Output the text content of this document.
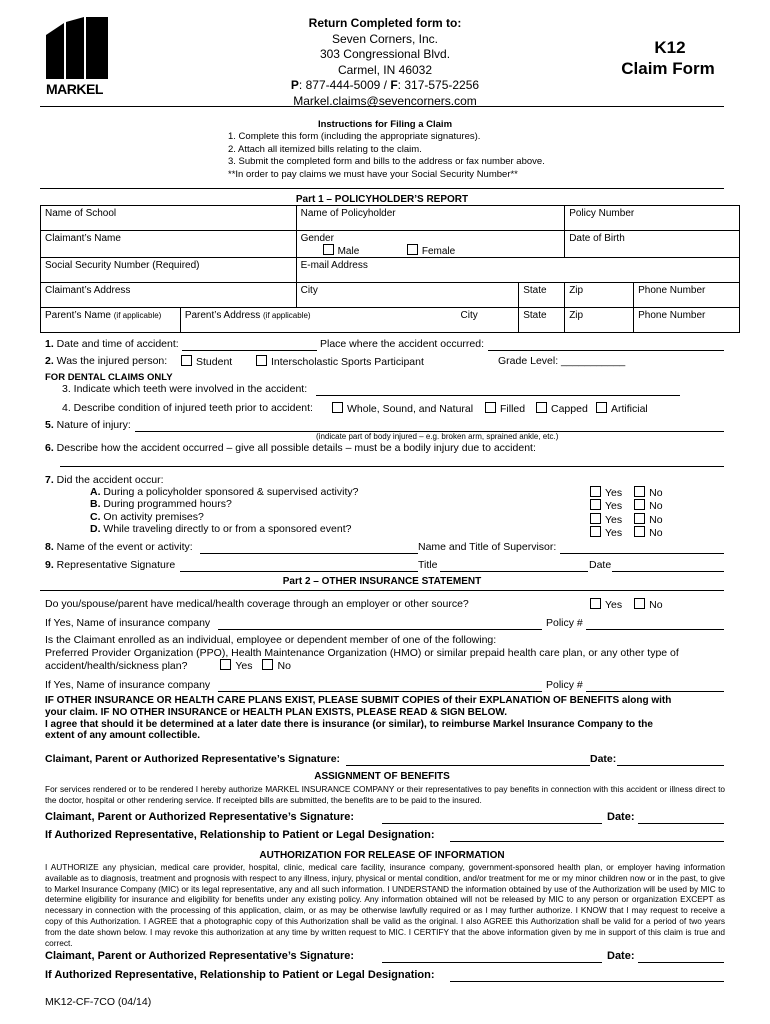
MARKEL
Return Completed form to:
Seven Corners, Inc.
303 Congressional Blvd.
Carmel, IN 46032
P: 877-444-5009 / F: 317-575-2256
Markel.claims@sevencorners.com
K12
Claim Form
Instructions for Filing a Claim
1. Complete this form (including the appropriate signatures).
2. Attach all itemized bills relating to the claim.
3. Submit the completed form and bills to the address or fax number above.
**In order to pay claims we must have your Social Security Number**
Part 1 – POLICYHOLDER’S REPORT
Name of School		Name of Policyholder		Policy Number	
Claimant’s Name		Gender
Male Female		Date of Birth	
Social Security Number (Required)		E-mail Address			
Claimant’s Address		City	State	Zip	Phone Number
Parent’s Name (if applicable)	Parent’s Address (if applicable) City		State	Zip	Phone Number
1. Date and time of accident:	Place where the accident occurred:
2. Was the injured person:	Student	Interscholastic Sports Participant	Grade Level: ___________
FOR DENTAL CLAIMS ONLY
3. Indicate which teeth were involved in the accident:
4. Describe condition of injured teeth prior to accident:	Whole, Sound, and Natural	Filled	Capped	Artificial
5. Nature of injury:
(indicate part of body injured – e.g. broken arm, sprained ankle, etc.)
6. Describe how the accident occurred – give all possible details – must be a bodily injury due to accident:
7. Did the accident occur:
A. During a policyholder sponsored & supervised activity?
B. During programmed hours?
C. On activity premises?
D. While traveling directly to or from a sponsored event?
Yes	No
Yes	No
Yes	No
Yes	No
8. Name of the event or activity:	Name and Title of Supervisor:
9. Representative Signature	Title	Date
Part 2 – OTHER INSURANCE STATEMENT
Do you/spouse/parent have medical/health coverage through an employer or other source?	Yes	No
If Yes, Name of insurance company	Policy #
Is the Claimant enrolled as an individual, employee or dependent member of one of the following:
Preferred Provider Organization (PPO), Health Maintenance Organization (HMO) or similar prepaid health care plan, or any other type of
accident/health/sickness plan?	Yes No
If Yes, Name of insurance company	Policy #
IF OTHER INSURANCE OR HEALTH CARE PLANS EXIST, PLEASE SUBMIT COPIES of their EXPLANATION OF BENEFITS along with
your claim. IF NO OTHER INSURANCE or HEALTH PLAN EXISTS, PLEASE READ & SIGN BELOW.
I agree that should it be determined at a later date there is insurance (or similar), to reimburse Markel Insurance Company to the
extent of any amount collectible.
Claimant, Parent or Authorized Representative’s Signature:	Date:
ASSIGNMENT OF BENEFITS
For services rendered or to be rendered I hereby authorize MARKEL INSURANCE COMPANY or their representatives to pay benefits in connection with this accident or illness direct to the doctor, hospital or other rendering service. If receipted bills are submitted, the benefits are to be paid to the insured.
Claimant, Parent or Authorized Representative’s Signature:	Date:
If Authorized Representative, Relationship to Patient or Legal Designation:
AUTHORIZATION FOR RELEASE OF INFORMATION
I AUTHORIZE any physician, medical care provider, hospital, clinic, medical care facility, insurance company, government-sponsored health plan, or employer having information available as to diagnosis, treatment and prognosis with respect to any illness, injury, physical or mental condition, and/or treatment for me or my minor children now or in the past, to give to Markel Insurance Company (MIC) or its legal representative, any and all such information. I UNDERSTAND the information obtained by use of the Authorization will be used by MIC to determine eligibility for insurance and eligibility for benefits under any existing policy. Any information obtained will not be released by MIC to any person or organization EXCEPT as necessary in connection with the processing of this application, claim, or as may be otherwise lawfully required or as I may further authorize. I KNOW that I may request to receive a copy of this Authorization. I AGREE that a photographic copy of this Authorization shall be valid as the original. I also AGREE this Authorization shall be valid for a period of two years from the date shown below. I may revoke this authorization at any time by written request to MIC. I CERTIFY that the above information given by me in support of this claim is true and correct.
Claimant, Parent or Authorized Representative’s Signature:	Date:
If Authorized Representative, Relationship to Patient or Legal Designation:
MK12-CF-7CO (04/14)
